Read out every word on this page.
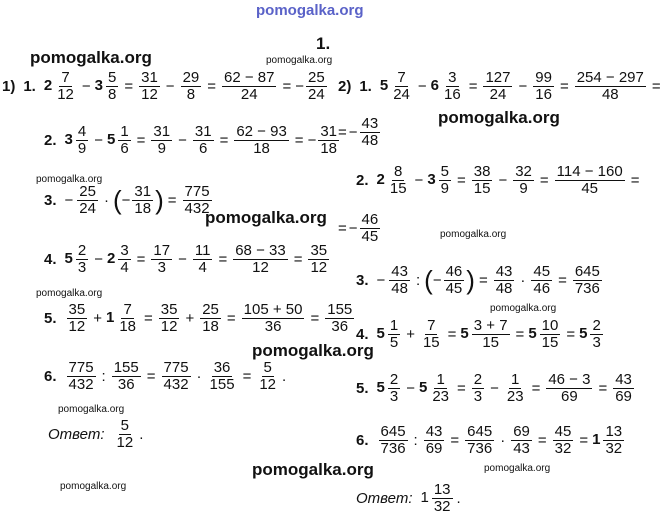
pomogalka.org
pomogalka.org
pomogalka.org
pomogalka.org
pomogalka.org
pomogalka.org
pomogalka.org
pomogalka.org
pomogalka.org
pomogalka.org
pomogalka.org
pomogalka.org
pomogalka.org
pomogalka.org
1.
1) 1. $2 \frac{7}{12} - 3 \frac{5}{8} = \frac{31}{12} - \frac{29}{8} = \frac{62 - 87}{24}$ = − $\frac{25}{24}$
2. $3 \frac{4}{9} - 5 \frac{1}{6} = \frac{31}{9} - \frac{31}{6} = \frac{62 - 93}{18}$ = − $\frac{31}{18}$
3. − $\frac{25}{24}$ · ( − $\frac{31}{18}$ ) = $\frac{775}{432}$
4. $5 \frac{2}{3} - 2 \frac{3}{4} = \frac{17}{3} - \frac{11}{4} = \frac{68 - 33}{12} = \frac{35}{12}$
5. $\frac{35}{12} + 1 \frac{7}{18} = \frac{35}{12} + \frac{25}{18} = \frac{105 + 50}{36} = \frac{155}{36}$
6. $\frac{775}{432}$ : $\frac{155}{36} = \frac{775}{432} \cdot \frac{36}{155} = \frac{5}{12}$ .
Ответ: $\frac{5}{12}$ .
2) 1. $5 \frac{7}{24} - 6 \frac{3}{16} = \frac{127}{24} - \frac{99}{16} = \frac{254 - 297}{48}$ =
= − $\frac{43}{48}$
2. $2 \frac{8}{15} - 3 \frac{5}{9} = \frac{38}{15} - \frac{32}{9} = \frac{114 - 160}{45}$ =
= − $\frac{46}{45}$
3. − $\frac{43}{48}$ : ( − $\frac{46}{45}$ ) = $\frac{43}{48} \cdot \frac{45}{46} = \frac{645}{736}$
4. $5 \frac{1}{5} + \frac{7}{15} = 5 \frac{3 + 7}{15} = 5 \frac{10}{15} = 5 \frac{2}{3}$
5. $5 \frac{2}{3} - 5 \frac{1}{23} = \frac{2}{3} - \frac{1}{23} = \frac{46 - 3}{69} = \frac{43}{69}$
6. $\frac{645}{736}$ : $\frac{43}{69} = \frac{645}{736} \cdot \frac{69}{43} = \frac{45}{32} = 1 \frac{13}{32}$
Ответ: $1 \frac{13}{32}$ .
